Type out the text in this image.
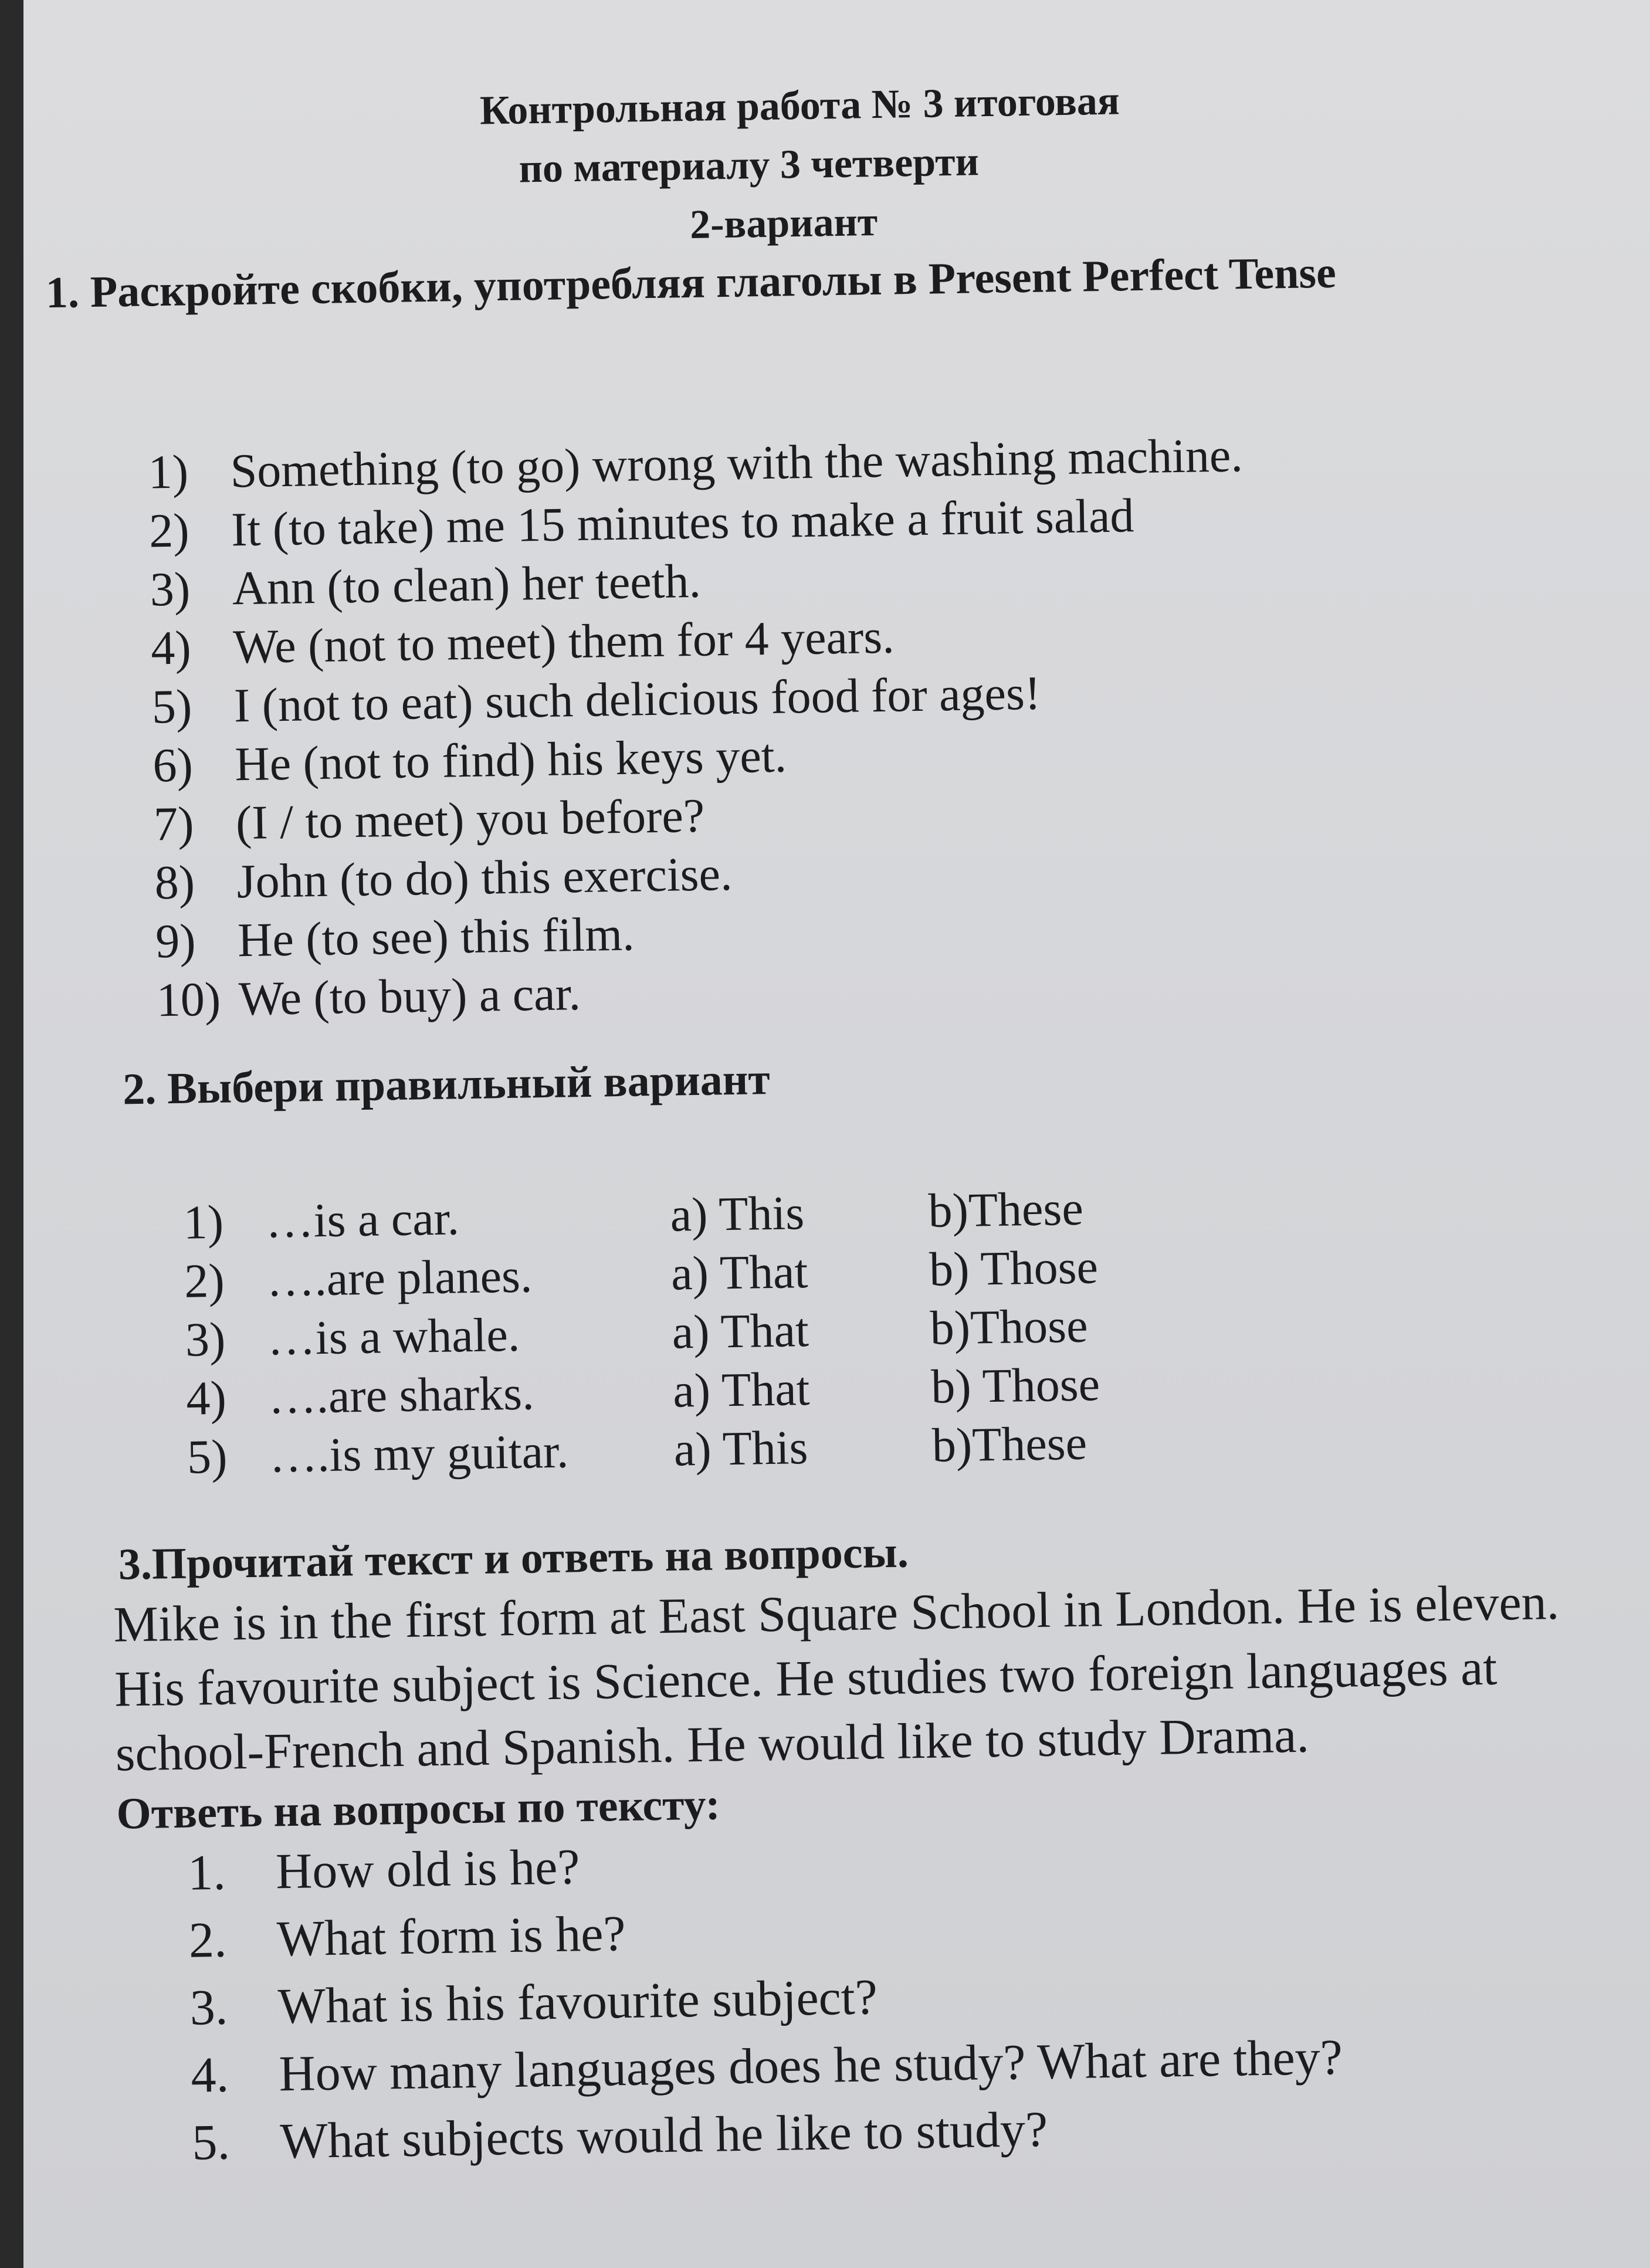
Контрольная работа № 3 итоговая
по материалу 3 четверти
2-вариант
1. Раскройте скобки, употребляя глаголы в Present Perfect Tense
1) Something (to go) wrong with the washing machine.
2) It (to take) me 15 minutes to make a fruit salad
3) Ann (to clean) her teeth.
4) We (not to meet) them for 4 years.
5) I (not to eat) such delicious food for ages!
6) He (not to find) his keys yet.
7) (I / to meet) you before?
8) John (to do) this exercise.
9) He (to see) this film.
10) We (to buy) a car.
2. Выбери правильный вариант
1) …is a car.	a) This	b)These
2) ….are planes.	a) That	b) Those
3) …is a whale.	a) That	b)Those
4) ….are sharks.	a) That	b) Those
5) ….is my guitar. a) This	b)These
3.Прочитай текст и ответь на вопросы.
Mike is in the first form at East Square School in London. He is eleven.
His favourite subject is Science. He studies two foreign languages at
school-French and Spanish. He would like to study Drama.
Ответь на вопросы по тексту:
1. How old is he?
2. What form is he?
3. What is his favourite subject?
4. How many languages does he study? What are they?
5. What subjects would he like to study?
